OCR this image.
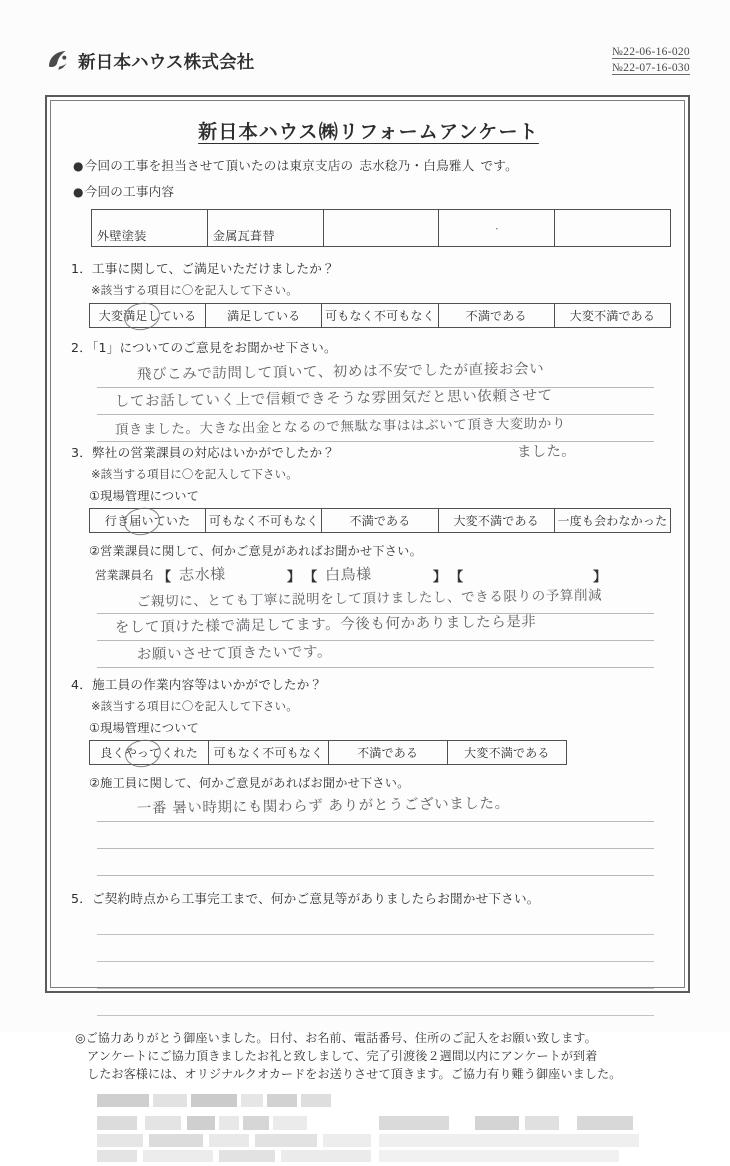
新日本ハウス株式会社
№22-06-16-020
№22-07-16-030
新日本ハウス㈱リフォームアンケート
●今回の工事を担当させて頂いたのは東京支店の 志水稔乃・白鳥雅人 です。
●今回の工事内容
外壁塗装	金属瓦葺替		・	
1．工事に関して、ご満足いただけましたか？
※該当する項目に〇を記入して下さい。
大変満足している	満足している	可もなく不可もなく	不満である	大変不満である
2．「1」についてのご意見をお聞かせ下さい。
飛びこみで訪問して頂いて、初めは不安でしたが直接お会い
してお話していく上で信頼できそうな雰囲気だと思い依頼させて
頂きました。大きな出金となるので無駄な事ははぶいて頂き大変助かり
3．弊社の営業課員の対応はいかがでしたか？	ました。
※該当する項目に〇を記入して下さい。
①現場管理について
行き届いていた	可もなく不可もなく	不満である	大変不満である	一度も会わなかった
②営業課員に関して、何かご意見があればお聞かせ下さい。
営業課員名 【 志水様	】 【 白鳥様	】 【	】
ご親切に、とても丁寧に説明をして頂けましたし、できる限りの予算削減
をして頂けた様で満足してます。今後も何かありましたら是非
お願いさせて頂きたいです。
4．施工員の作業内容等はいかがでしたか？
※該当する項目に〇を記入して下さい。
①現場管理について
良くやってくれた	可もなく不可もなく	不満である	大変不満である
②施工員に関して、何かご意見があればお聞かせ下さい。
一番 暑い時期にも関わらず ありがとうございました。
5．ご契約時点から工事完工まで、何かご意見等がありましたらお聞かせ下さい。
◎ご協力ありがとう御座いました。日付、お名前、電話番号、住所のご記入をお願い致します。
アンケートにご協力頂きましたお礼と致しまして、完了引渡後２週間以内にアンケートが到着
したお客様には、オリジナルクオカードをお送りさせて頂きます。ご協力有り難う御座いました。
